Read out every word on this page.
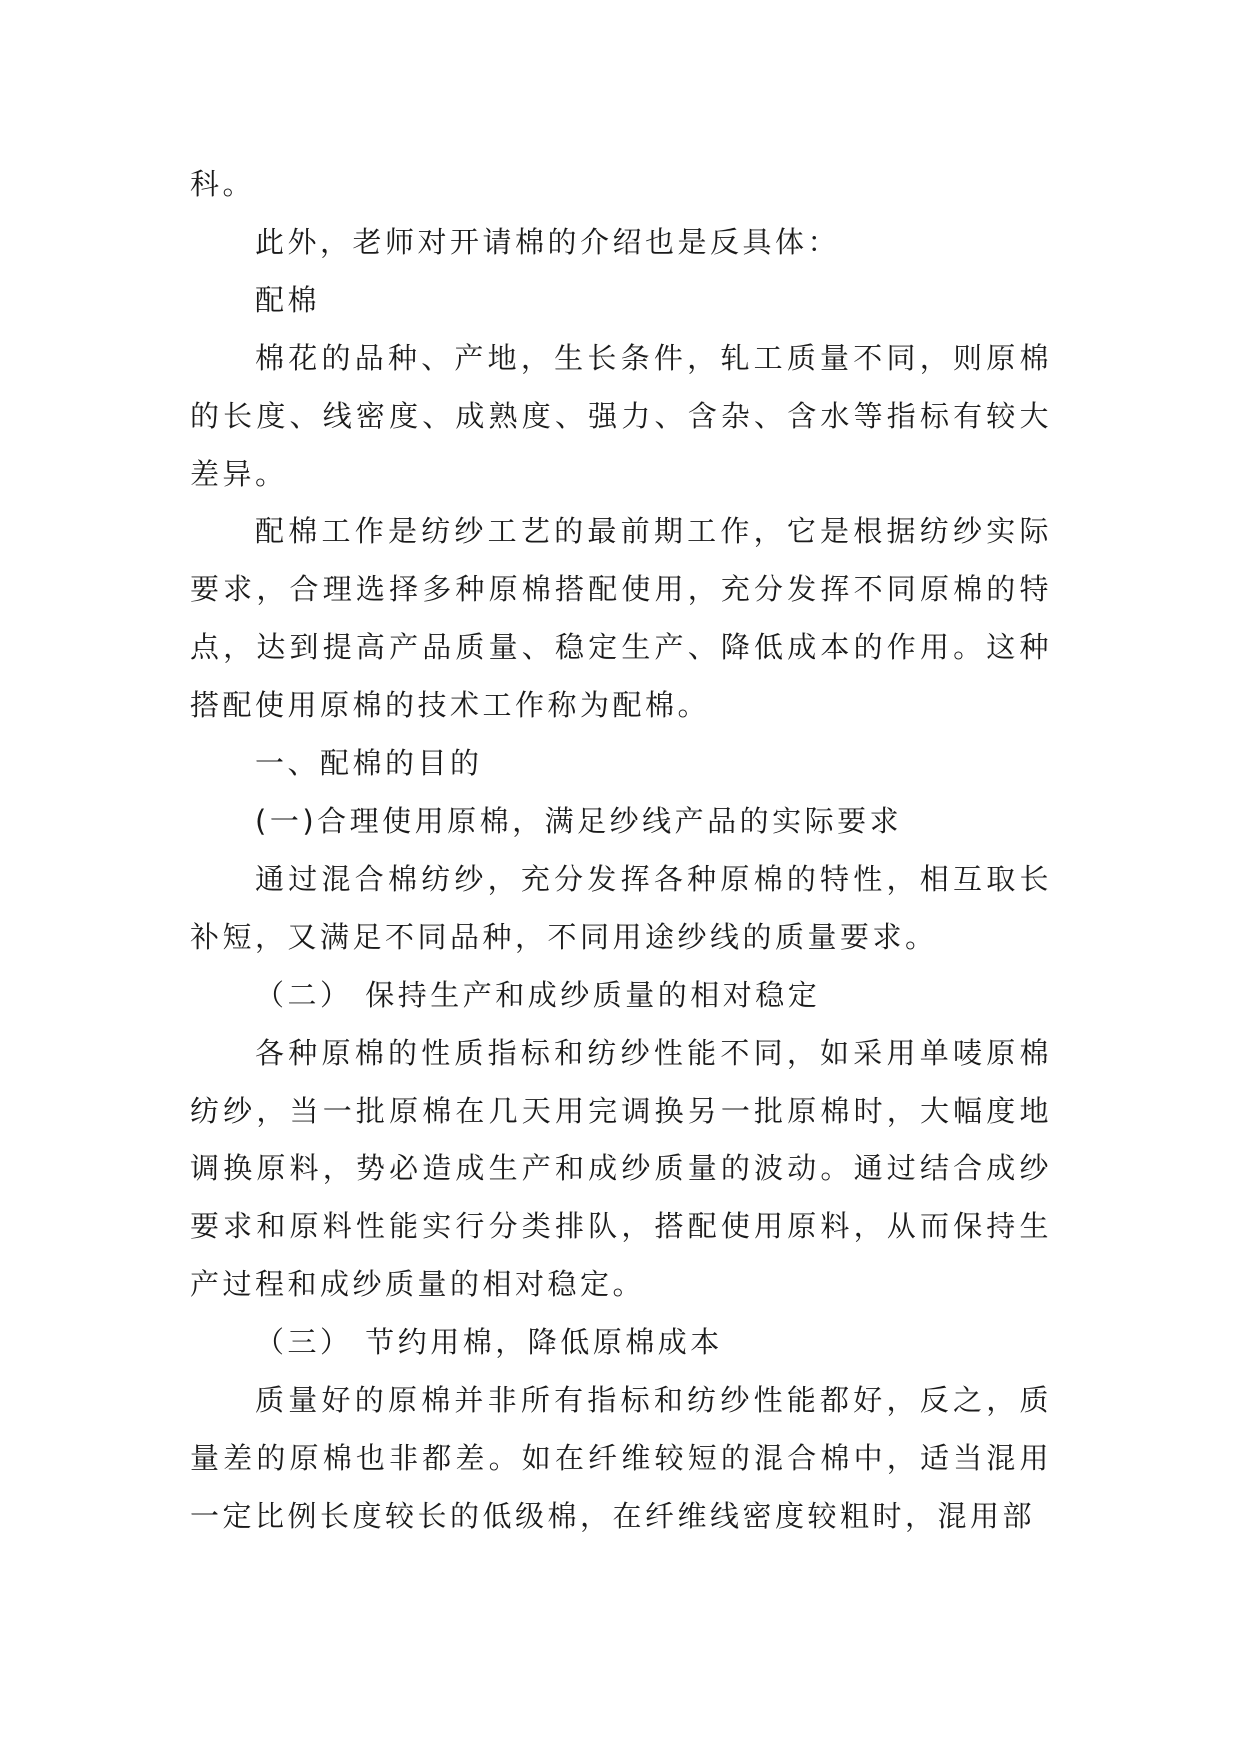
科。

此外，老师对开请棉的介绍也是反具体：

配棉

棉花的品种、产地，生长条件，轧工质量不同，则原棉的长度、线密度、成熟度、强力、含杂、含水等指标有较大差异。

配棉工作是纺纱工艺的最前期工作，它是根据纺纱实际要求，合理选择多种原棉搭配使用，充分发挥不同原棉的特点，达到提高产品质量、稳定生产、降低成本的作用。这种搭配使用原棉的技术工作称为配棉。

一、配棉的目的

(一)合理使用原棉，满足纱线产品的实际要求

通过混合棉纺纱，充分发挥各种原棉的特性，相互取长补短，又满足不同品种，不同用途纱线的质量要求。

（二） 保持生产和成纱质量的相对稳定

各种原棉的性质指标和纺纱性能不同，如采用单唛原棉纺纱，当一批原棉在几天用完调换另一批原棉时，大幅度地调换原料，势必造成生产和成纱质量的波动。通过结合成纱要求和原料性能实行分类排队，搭配使用原料，从而保持生产过程和成纱质量的相对稳定。

（三） 节约用棉，降低原棉成本

质量好的原棉并非所有指标和纺纱性能都好，反之，质量差的原棉也非都差。如在纤维较短的混合棉中，适当混用一定比例长度较长的低级棉，在纤维线密度较粗时，混用部
